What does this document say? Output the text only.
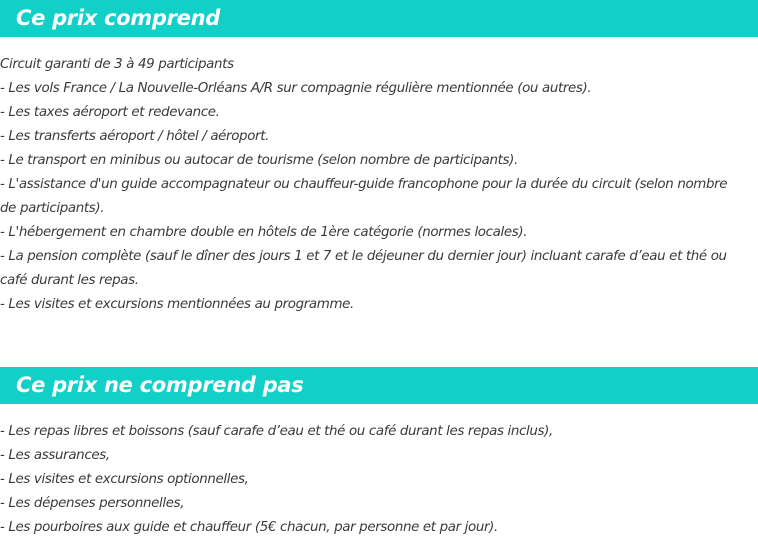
Ce prix comprend

Circuit garanti de 3 à 49 participants

- Les vols France / La Nouvelle-Orléans A/R sur compagnie régulière mentionnée (ou autres).

- Les taxes aéroport et redevance.

- Les transferts aéroport / hôtel / aéroport.

- Le transport en minibus ou autocar de tourisme (selon nombre de participants).

- L'assistance d'un guide accompagnateur ou chauffeur-guide francophone pour la durée du circuit (selon nombre de participants).

- L'hébergement en chambre double en hôtels de 1ère catégorie (normes locales).

- La pension complète (sauf le dîner des jours 1 et 7 et le déjeuner du dernier jour) incluant carafe d’eau et thé ou café durant les repas.

- Les visites et excursions mentionnées au programme.

Ce prix ne comprend pas

- Les repas libres et boissons (sauf carafe d’eau et thé ou café durant les repas inclus),

- Les assurances,

- Les visites et excursions optionnelles,

- Les dépenses personnelles,

- Les pourboires aux guide et chauffeur (5€ chacun, par personne et par jour).
